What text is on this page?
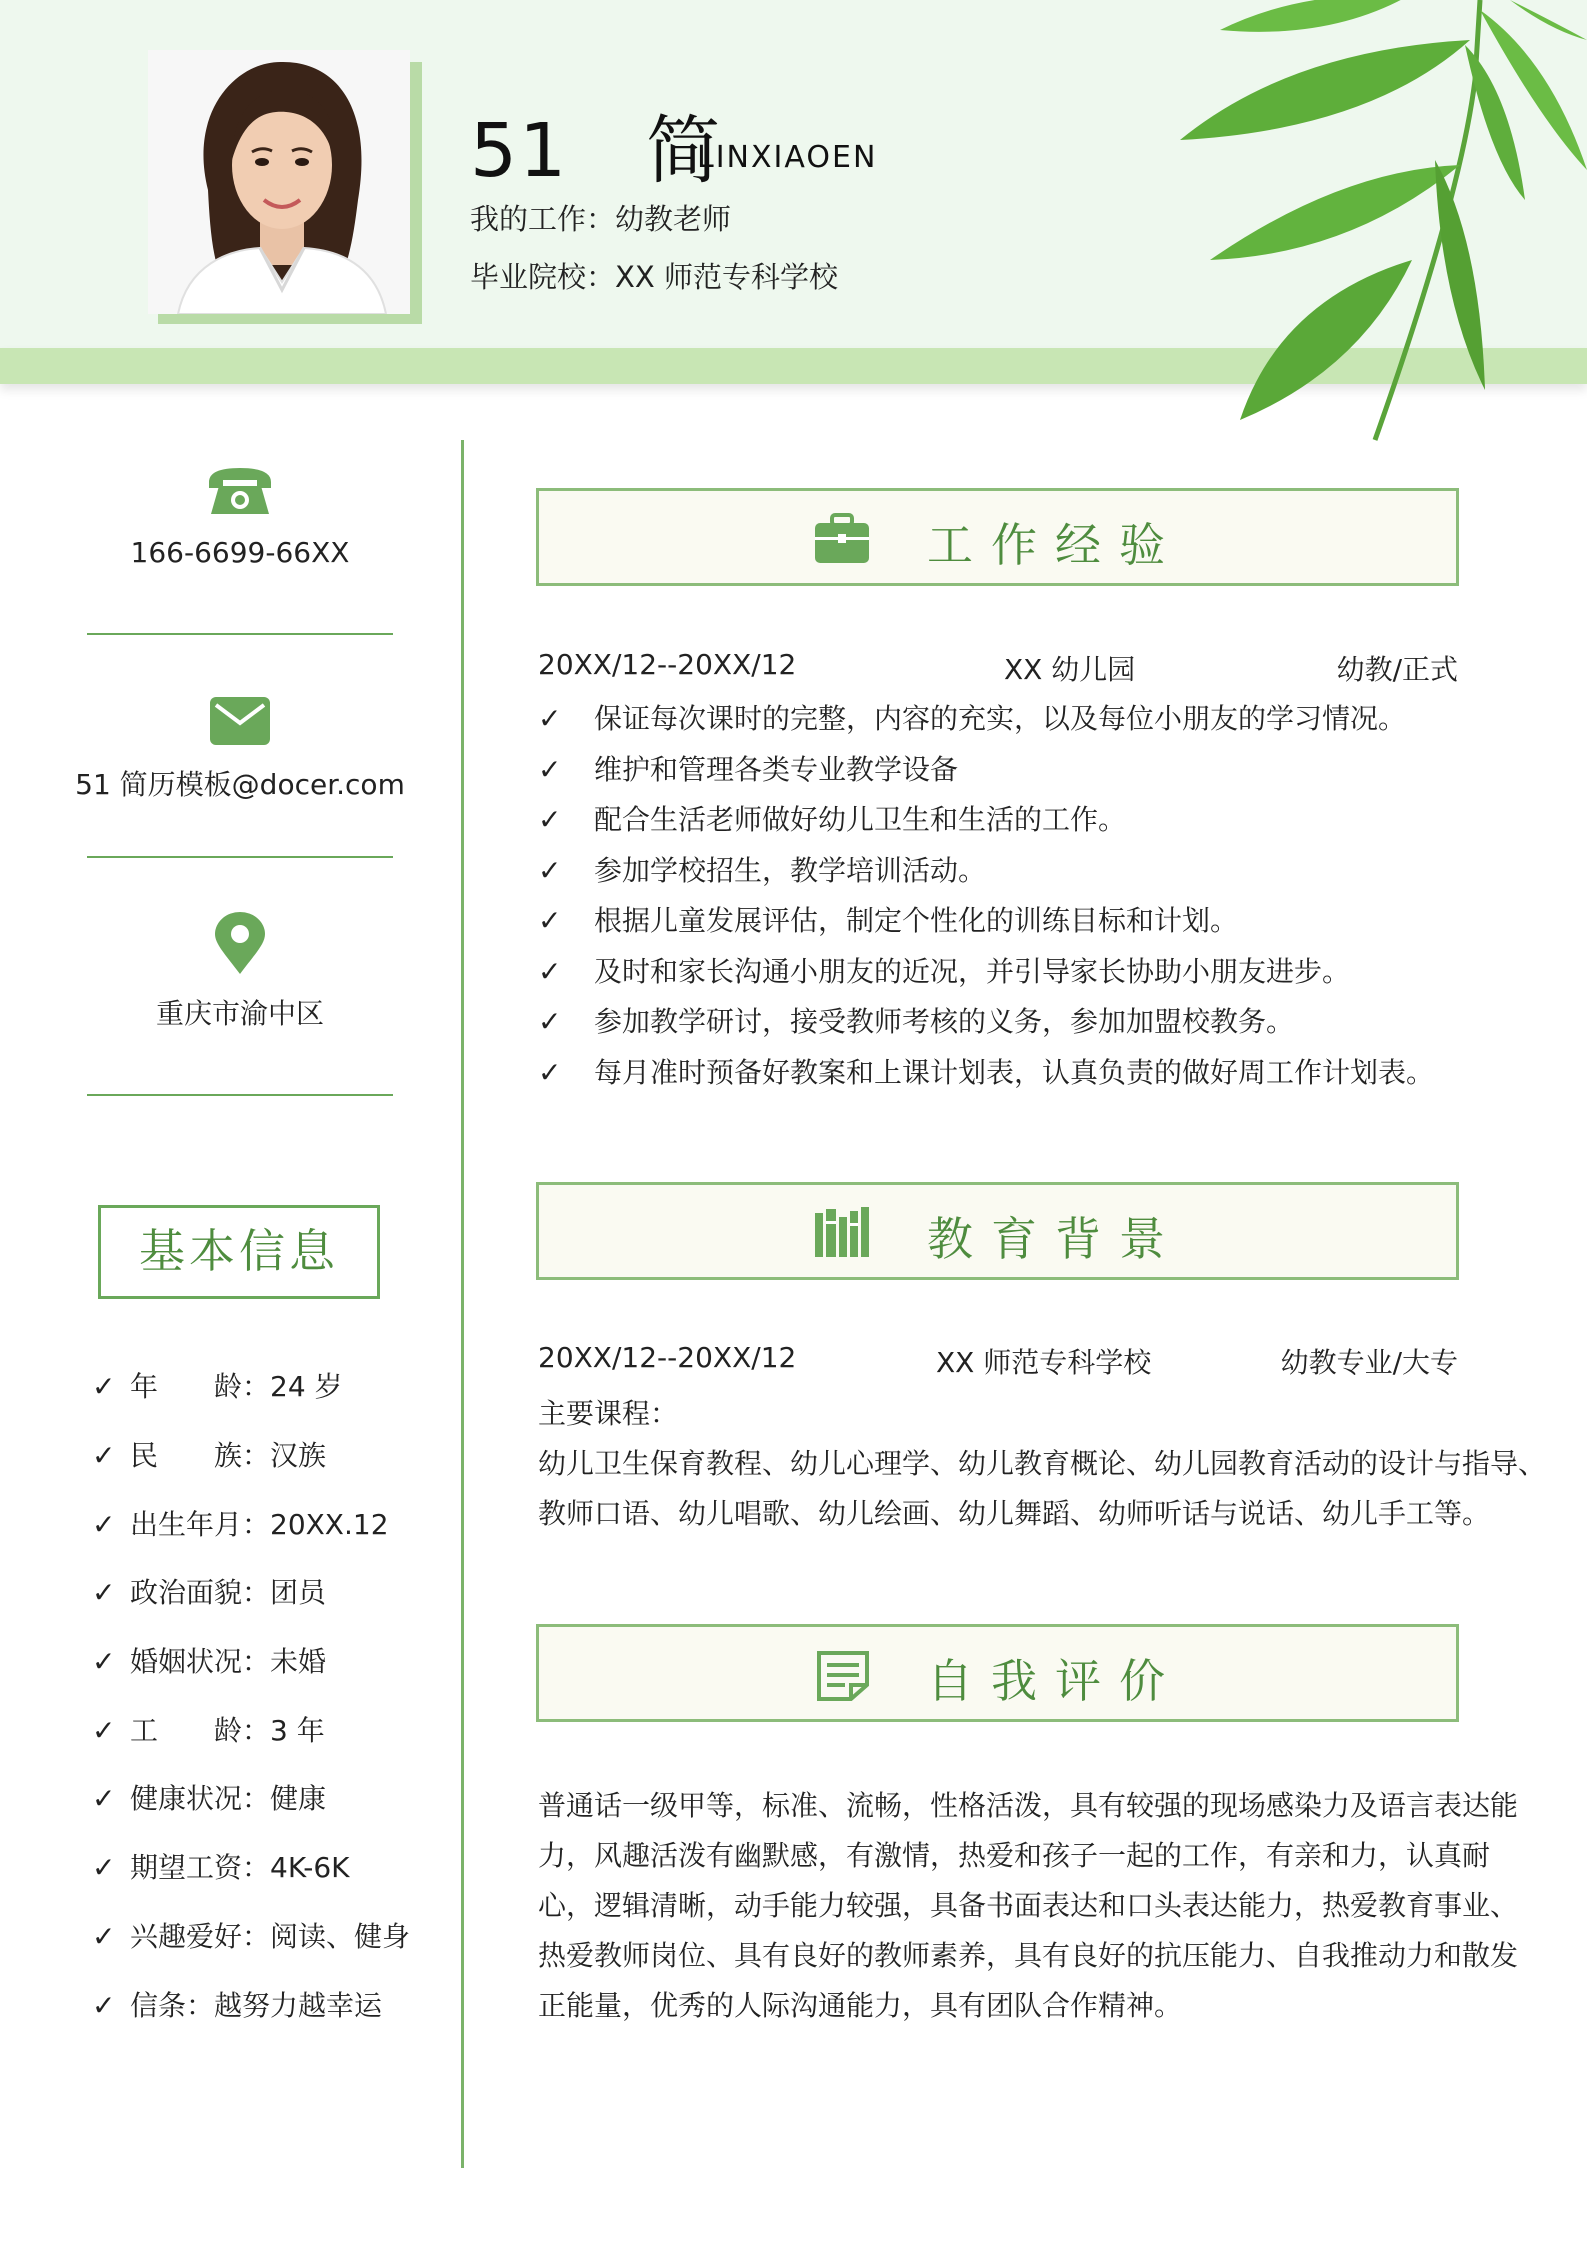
51 简
LINXIAOEN
我的工作：幼教老师
毕业院校：XX 师范专科学校
166-6699-66XX
51 简历模板@docer.com
重庆市渝中区
基本信息
✓ 年　　龄：24 岁
✓ 民　　族：汉族
✓ 出生年月：20XX.12
✓ 政治面貌：团员
✓ 婚姻状况：未婚
✓ 工　　龄：3 年
✓ 健康状况：健康
✓ 期望工资：4K-6K
✓ 兴趣爱好：阅读、健身
✓ 信条：越努力越幸运
工作经验
20XX/12--20XX/12	XX 幼儿园	幼教/正式
✓ 保证每次课时的完整，内容的充实，以及每位小朋友的学习情况。
✓ 维护和管理各类专业教学设备
✓ 配合生活老师做好幼儿卫生和生活的工作。
✓ 参加学校招生，教学培训活动。
✓ 根据儿童发展评估，制定个性化的训练目标和计划。
✓ 及时和家长沟通小朋友的近况，并引导家长协助小朋友进步。
✓ 参加教学研讨，接受教师考核的义务，参加加盟校教务。
✓ 每月准时预备好教案和上课计划表，认真负责的做好周工作计划表。
教育背景
20XX/12--20XX/12	XX 师范专科学校	幼教专业/大专
主要课程：
幼儿卫生保育教程、幼儿心理学、幼儿教育概论、幼儿园教育活动的设计与指导、
教师口语、幼儿唱歌、幼儿绘画、幼儿舞蹈、幼师听话与说话、幼儿手工等。
自我评价
普通话一级甲等，标准、流畅，性格活泼，具有较强的现场感染力及语言表达能
力，风趣活泼有幽默感，有激情，热爱和孩子一起的工作，有亲和力，认真耐
心，逻辑清晰，动手能力较强，具备书面表达和口头表达能力，热爱教育事业、
热爱教师岗位、具有良好的教师素养，具有良好的抗压能力、自我推动力和散发
正能量，优秀的人际沟通能力，具有团队合作精神。
